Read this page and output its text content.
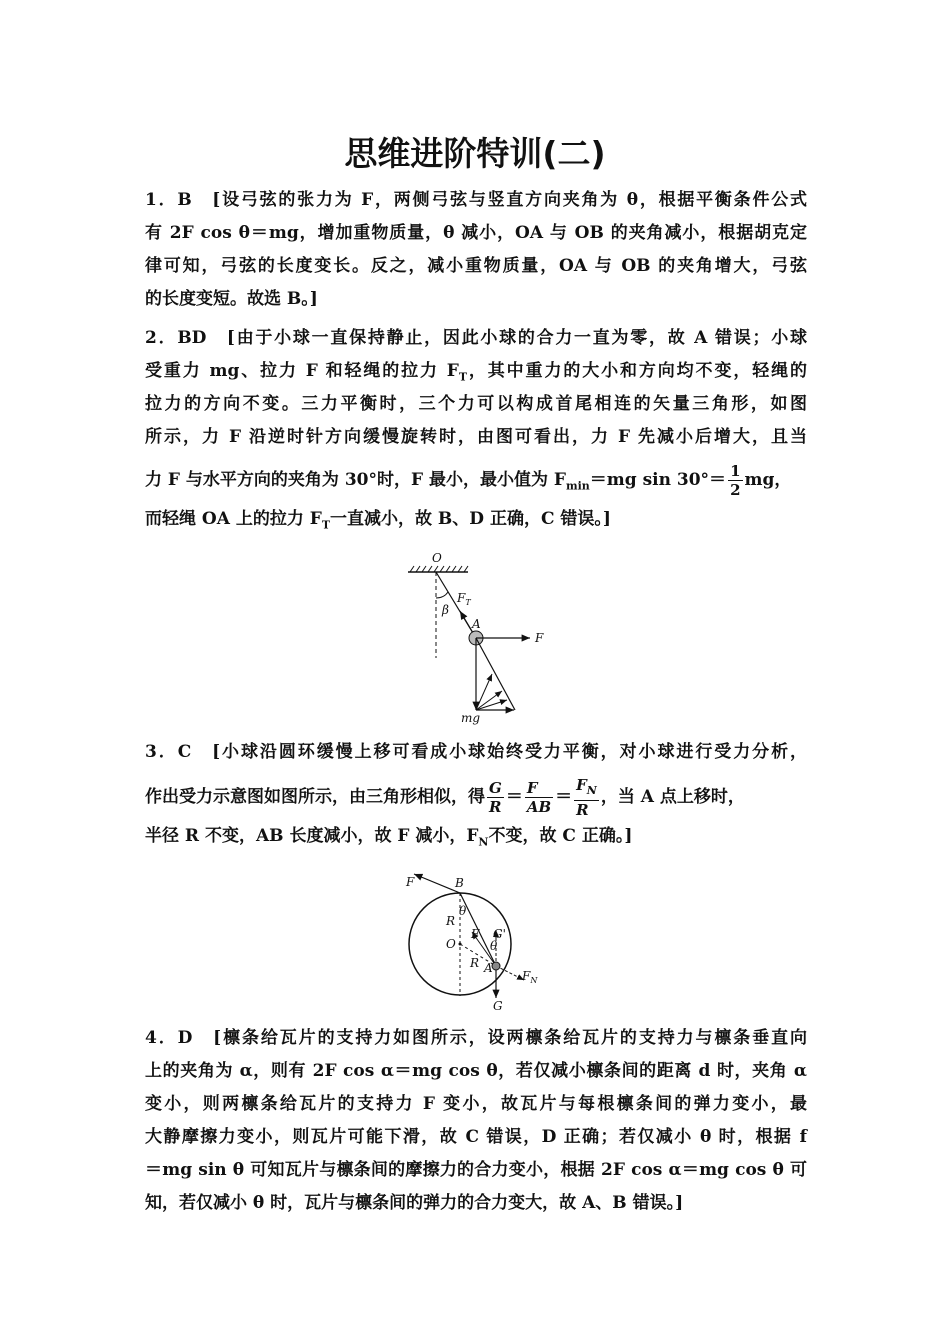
思维进阶特训(二)
1．B　[设弓弦的张力为 F，两侧弓弦与竖直方向夹角为 θ，根据平衡条件公式
有 2F cos θ＝mg，增加重物质量，θ 减小，OA 与 OB 的夹角减小，根据胡克定
律可知，弓弦的长度变长。反之，减小重物质量，OA 与 OB 的夹角增大，弓弦
的长度变短。故选 B。]
2．BD　[由于小球一直保持静止，因此小球的合力一直为零，故 A 错误；小球
受重力 mg、拉力 F 和轻绳的拉力 $F_T$，其中重力的大小和方向均不变，轻绳的
拉力的方向不变。三力平衡时，三个力可以构成首尾相连的矢量三角形，如图
所示，力 F 沿逆时针方向缓慢旋转时，由图可看出，力 F 先减小后增大，且当
力 F 与水平方向的夹角为 30°时，F 最小，最小值为 $F_{min}=mg$ $\sin 30^\circ= \frac{1}{2}$ mg，
而轻绳 OA 上的拉力 $F_T$一直减小，故 B、D 正确，C 错误。]
O
$F_T$
β
A
F
mg
3．C　[小球沿圆环缓慢上移可看成小球始终受力平衡，对小球进行受力分析，
作出受力示意图如图所示，由三角形相似，得 $\frac{G}{R} = \frac{F}{AB} = \frac{F_N}{R}$ ，当 A 点上移时，
半径 R 不变，AB 长度减小，故 F 减小，$F_N$不变，故 C 正确。]
F	B
θ
R
O
F G'
θ
R A
$F_N$
G
4．D　[檩条给瓦片的支持力如图所示，设两檩条给瓦片的支持力与檩条垂直向
上的夹角为 α，则有 2F cos α＝mg cos θ，若仅减小檩条间的距离 d 时，夹角 α
变小，则两檩条给瓦片的支持力 F 变小，故瓦片与每根檩条间的弹力变小，最
大静摩擦力变小，则瓦片可能下滑，故 C 错误，D 正确；若仅减小 θ 时，根据 f
＝mg sin θ 可知瓦片与檩条间的摩擦力的合力变小，根据 2F cos α＝mg cos θ 可
知，若仅减小 θ 时，瓦片与檩条间的弹力的合力变大，故 A、B 错误。]
